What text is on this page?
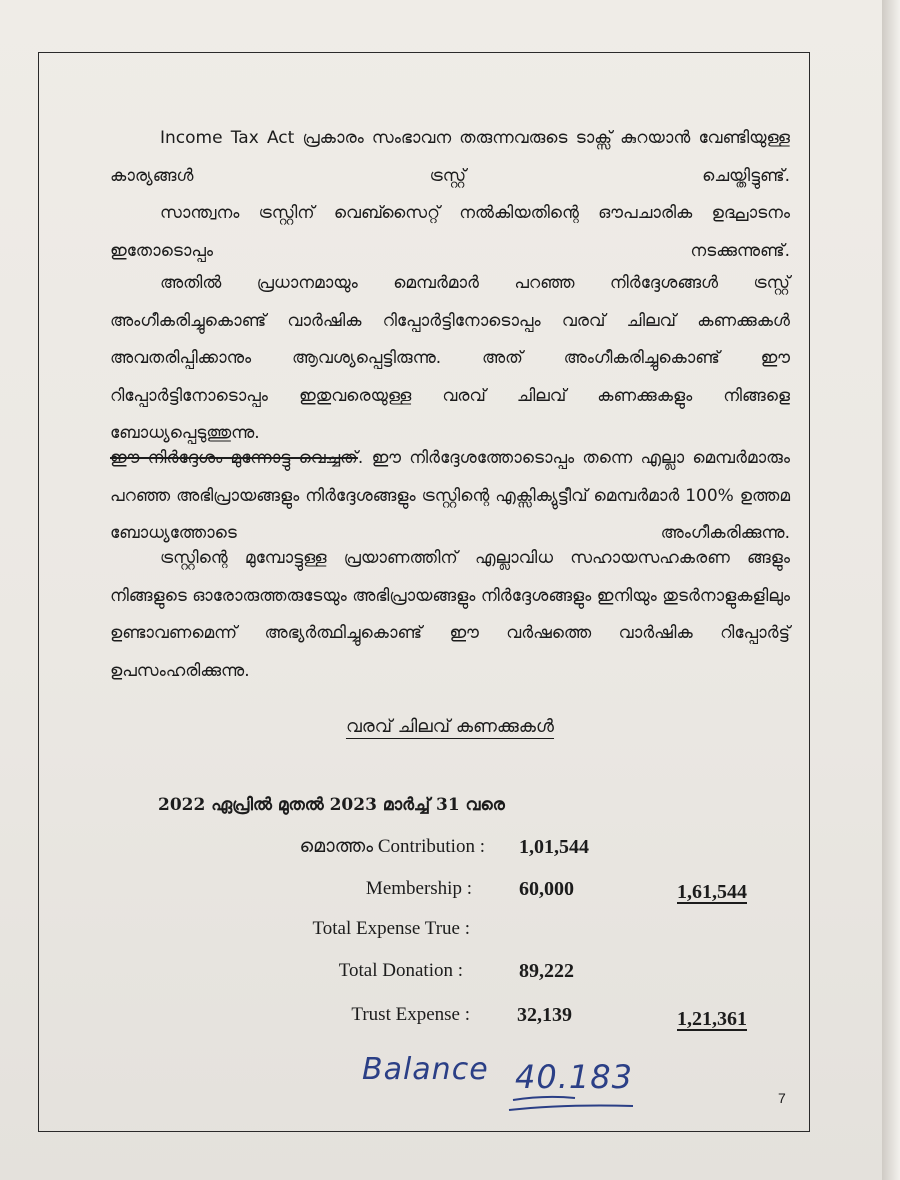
Income Tax Act പ്രകാരം സംഭാവന തരുന്നവരുടെ ടാക്സ് കുറയാൻ വേണ്ടിയുള്ള കാര്യങ്ങൾ ട്രസ്റ്റ് ചെയ്തിട്ടുണ്ട്.
സാന്ത്വനം ട്രസ്റ്റിന് വെബ്സൈറ്റ് നൽകിയതിന്റെ ഔപചാരിക ഉദ്ഘാടനം ഇതോടൊപ്പം നടക്കുന്നുണ്ട്.
അതിൽ പ്രധാനമായും മെമ്പർമാർ പറഞ്ഞ നിർദ്ദേശങ്ങൾ ട്രസ്റ്റ് അംഗീകരിച്ചുകൊണ്ട് വാർഷിക റിപ്പോർട്ടിനോടൊപ്പം വരവ് ചിലവ് കണക്കുകൾ അവതരിപ്പിക്കാനും ആവശ്യപ്പെട്ടിരുന്നു. അത് അംഗീകരിച്ചുകൊണ്ട് ഈ റിപ്പോർട്ടിനോടൊപ്പം ഇതുവരെയുള്ള വരവ് ചിലവ് കണക്കുകളും നിങ്ങളെ ബോധ്യപ്പെടുത്തുന്നു.
ഈ നിർദ്ദേശം മുന്നോട്ടു വെച്ചത്. ഈ നിർദ്ദേശത്തോടൊപ്പം തന്നെ എല്ലാ മെമ്പർമാരും പറഞ്ഞ അഭിപ്രായങ്ങളും നിർദ്ദേശങ്ങളും ട്രസ്റ്റിന്റെ എക്സിക്യുട്ടീവ് മെമ്പർമാർ 100% ഉത്തമ ബോധ്യത്തോടെ അംഗീകരിക്കുന്നു.
ട്രസ്റ്റിന്റെ മുമ്പോട്ടുള്ള പ്രയാണത്തിന് എല്ലാവിധ സഹായസഹകരണ ങ്ങളും നിങ്ങളുടെ ഓരോരുത്തരുടേയും അഭിപ്രായങ്ങളും നിർദ്ദേശങ്ങളും ഇനിയും തുടർനാളുകളിലും ഉണ്ടാവണമെന്ന് അഭ്യർത്ഥിച്ചുകൊണ്ട് ഈ വർഷത്തെ വാർഷിക റിപ്പോർട്ട് ഉപസംഹരിക്കുന്നു.
വരവ് ചിലവ് കണക്കുകൾ
2022 ഏപ്രിൽ മുതൽ 2023 മാർച്ച് 31 വരെ
മൊത്തം Contribution : 1,01,544
Membership : 60,000	1,61,544
Total Expense True :
Total Donation :	89,222
Trust Expense : 32,139	1,21,361
Balance 40.183
7
